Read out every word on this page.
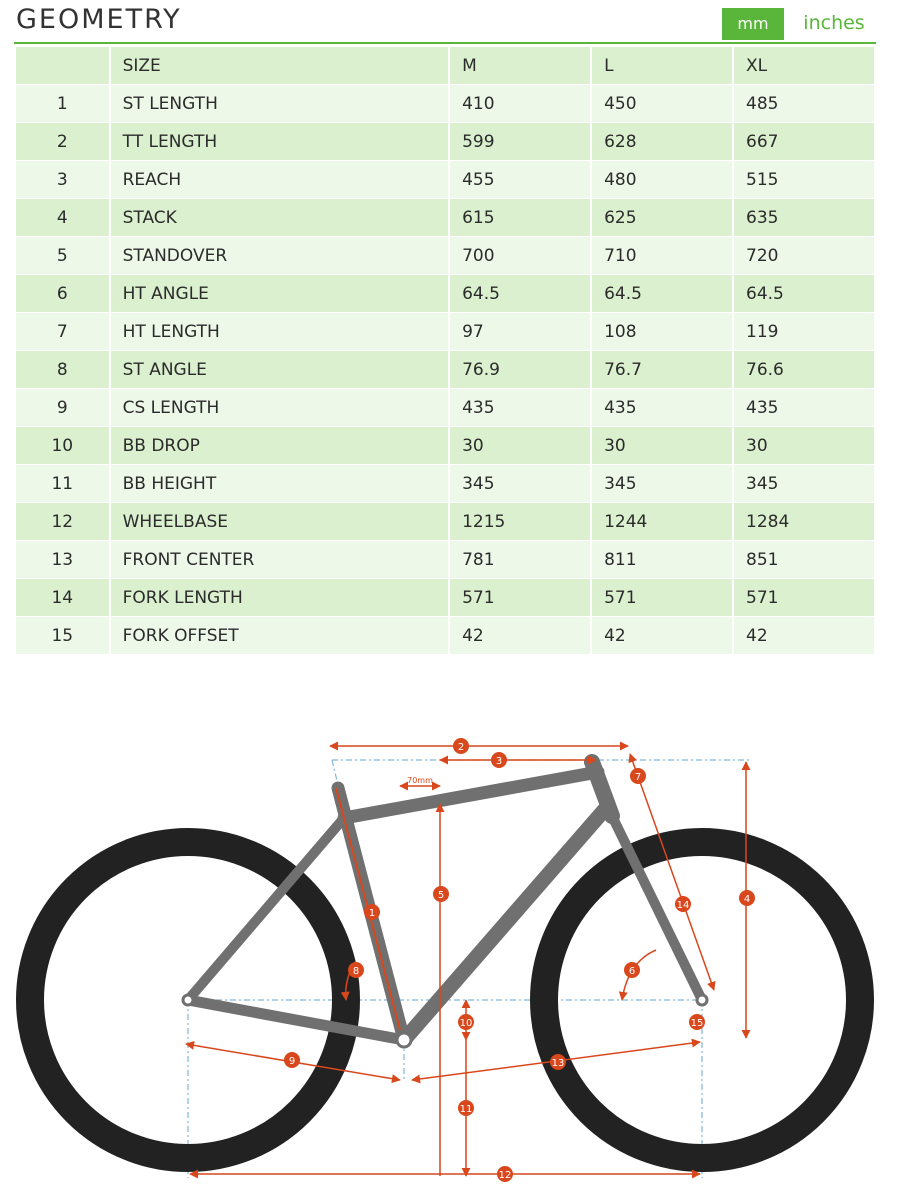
GEOMETRY	mm	inches
	SIZE	M	L	XL
1	ST LENGTH	410	450	485
2	TT LENGTH	599	628	667
3	REACH	455	480	515
4	STACK	615	625	635
5	STANDOVER	700	710	720
6	HT ANGLE	64.5	64.5	64.5
7	HT LENGTH	97	108	119
8	ST ANGLE	76.9	76.7	76.6
9	CS LENGTH	435	435	435
10	BB DROP	30	30	30
11	BB HEIGHT	345	345	345
12	WHEELBASE	1215	1244	1284
13	FRONT CENTER	781	811	851
14	FORK LENGTH	571	571	571
15	FORK OFFSET	42	42	42
70mm
1
2
3
4
5
6
7
8
9
10
11
12
13
14
15
